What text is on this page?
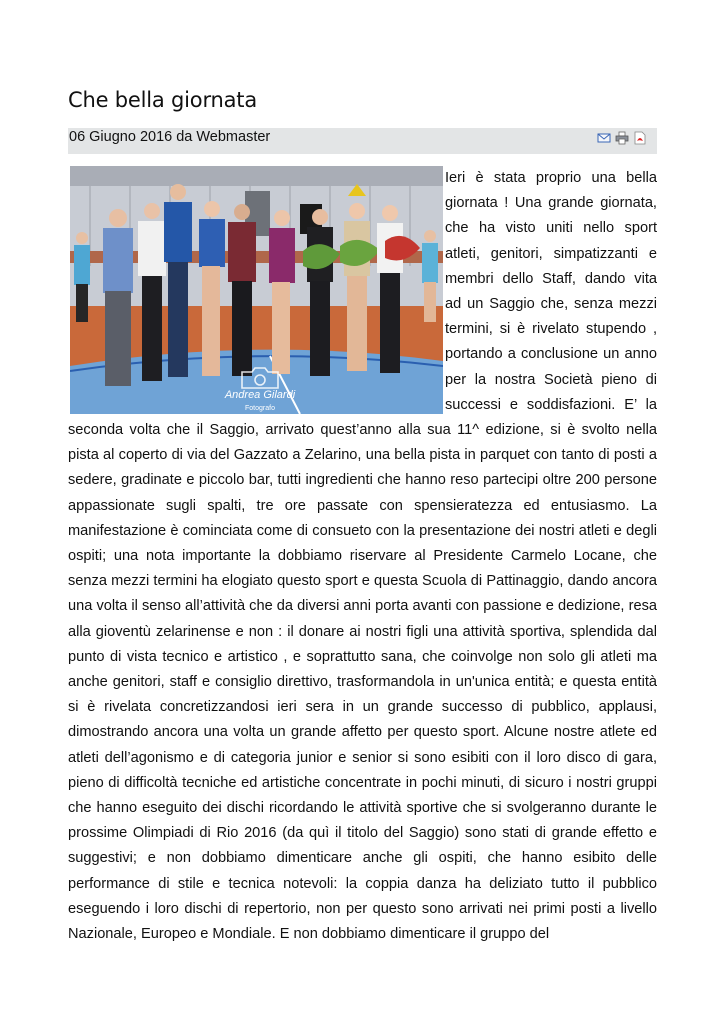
Che bella giornata
06 Giugno 2016 da Webmaster
Andrea Gilardi
Fotografo

Ieri è stata proprio una bella giornata ! Una grande giornata, che ha visto uniti nello sport atleti, genitori, simpatizzanti e membri dello Staff, dando vita ad un Saggio che, senza mezzi termini, si è rivelato stupendo , portando a conclusione un anno per la nostra Società pieno di successi e soddisfazioni. E’ la seconda volta che il Saggio, arrivato quest’anno alla sua 11^ edizione, si è svolto nella pista al coperto di via del Gazzato a Zelarino, una bella pista in parquet con tanto di posti a sedere, gradinate e piccolo bar, tutti ingredienti che hanno reso partecipi oltre 200 persone appassionate sugli spalti, tre ore passate con spensieratezza ed entusiasmo. La manifestazione è cominciata come di consueto con la presentazione dei nostri atleti e degli ospiti; una nota importante la dobbiamo riservare al Presidente Carmelo Locane, che senza mezzi termini ha elogiato questo sport e questa Scuola di Pattinaggio, dando ancora una volta il senso all’attività che da diversi anni porta avanti con passione e dedizione, resa alla gioventù zelarinense e non : il donare ai nostri figli una attività sportiva, splendida dal punto di vista tecnico e artistico , e soprattutto sana, che coinvolge non solo gli atleti ma anche genitori, staff e consiglio direttivo, trasformandola in un'unica entità; e questa entità si è rivelata concretizzandosi ieri sera in un grande successo di pubblico, applausi, dimostrando ancora una volta un grande affetto per questo sport. Alcune nostre atlete ed atleti dell’agonismo e di categoria junior e senior si sono esibiti con il loro disco di gara, pieno di difficoltà tecniche ed artistiche concentrate in pochi minuti, di sicuro i nostri gruppi che hanno eseguito dei dischi ricordando le attività sportive che si svolgeranno durante le prossime Olimpiadi di Rio 2016 (da quì il titolo del Saggio) sono stati di grande effetto e suggestivi; e non dobbiamo dimenticare anche gli ospiti, che hanno esibito delle performance di stile e tecnica notevoli: la coppia danza ha deliziato tutto il pubblico eseguendo i loro dischi di repertorio, non per questo sono arrivati nei primi posti a livello Nazionale, Europeo e Mondiale. E non dobbiamo dimenticare il gruppo del
